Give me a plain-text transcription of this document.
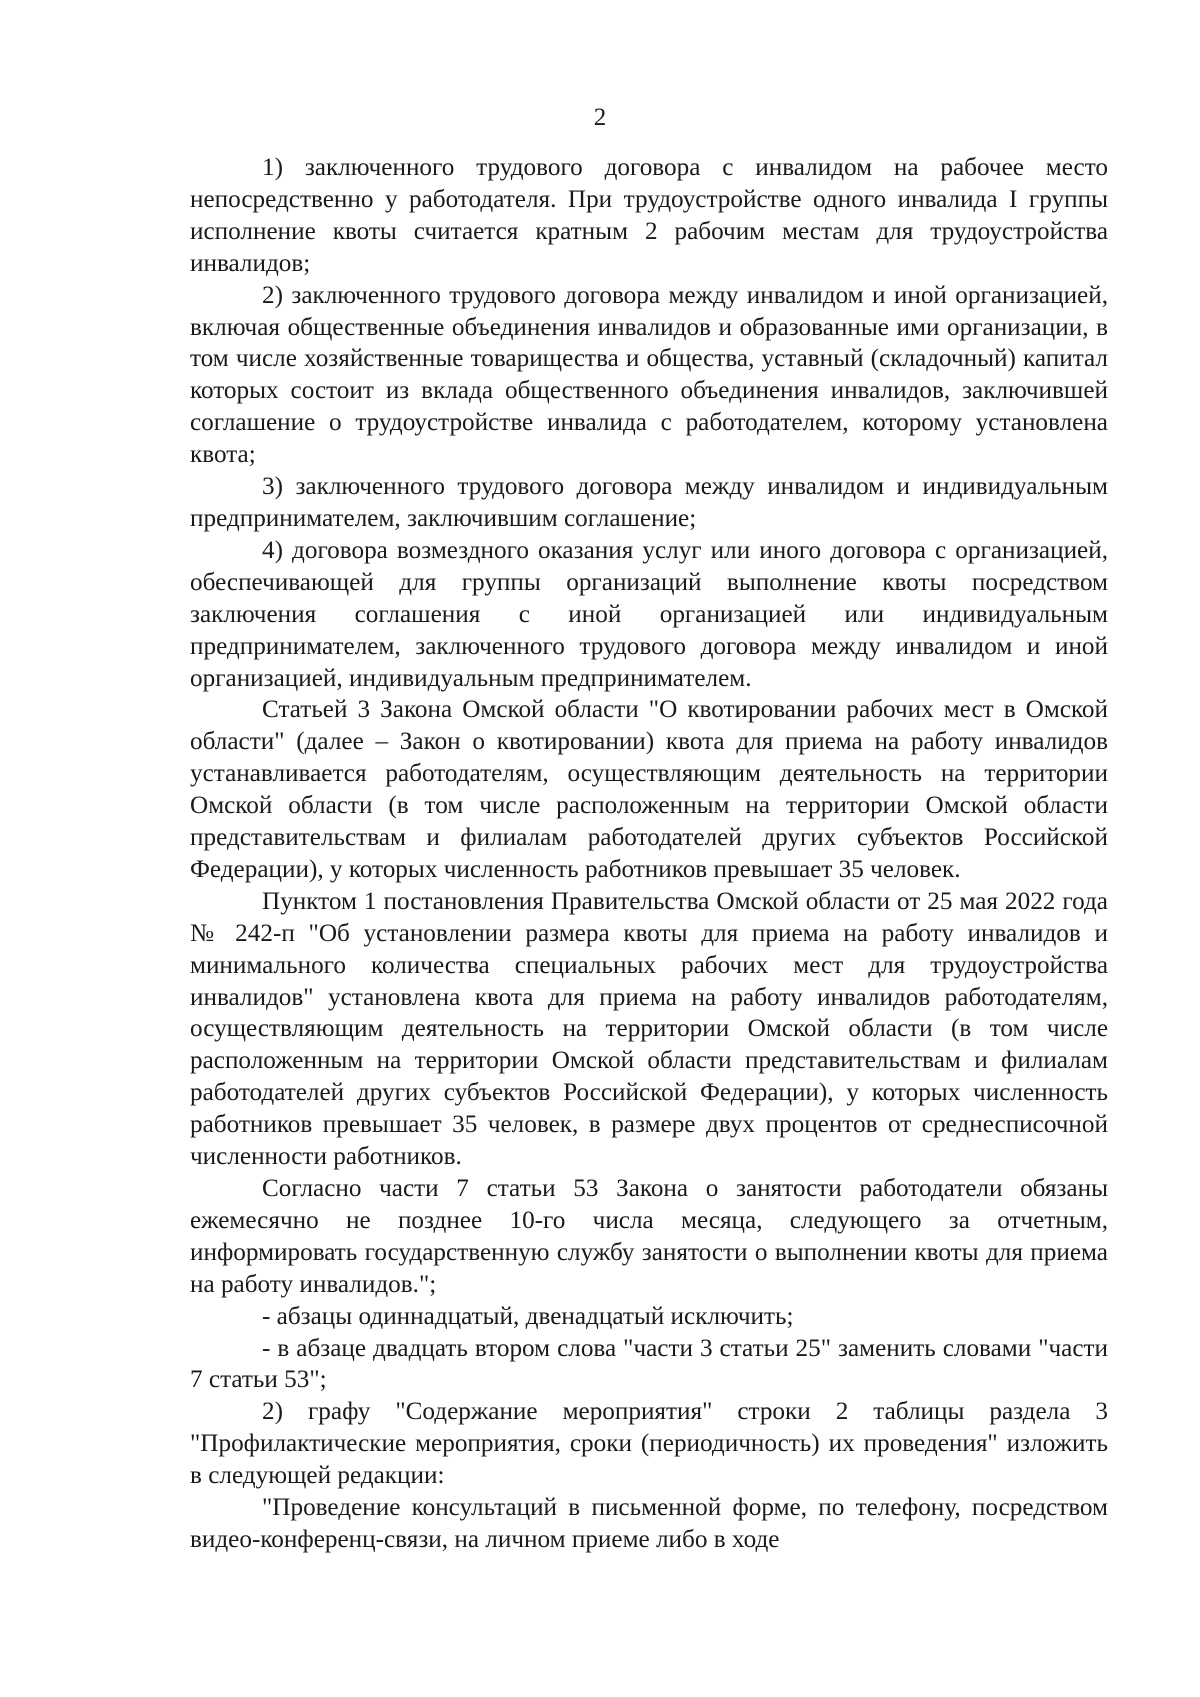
2

1) заключенного трудового договора с инвалидом на рабочее место непосредственно у работодателя. При трудоустройстве одного инвалида I группы исполнение квоты считается кратным 2 рабочим местам для трудоустройства инвалидов;

2) заключенного трудового договора между инвалидом и иной организацией, включая общественные объединения инвалидов и образованные ими организации, в том числе хозяйственные товарищества и общества, уставный (складочный) капитал которых состоит из вклада общественного объединения инвалидов, заключившей соглашение о трудоустройстве инвалида с работодателем, которому установлена квота;

3) заключенного трудового договора между инвалидом и индивидуальным предпринимателем, заключившим соглашение;

4) договора возмездного оказания услуг или иного договора с организацией, обеспечивающей для группы организаций выполнение квоты посредством заключения соглашения с иной организацией или индивидуальным предпринимателем, заключенного трудового договора между инвалидом и иной организацией, индивидуальным предпринимателем.

Статьей 3 Закона Омской области "О квотировании рабочих мест в Омской области" (далее – Закон о квотировании) квота для приема на работу инвалидов устанавливается работодателям, осуществляющим деятельность на территории Омской области (в том числе расположенным на территории Омской области представительствам и филиалам работодателей других субъектов Российской Федерации), у которых численность работников превышает 35 человек.

Пунктом 1 постановления Правительства Омской области от 25 мая 2022 года № 242-п "Об установлении размера квоты для приема на работу инвалидов и минимального количества специальных рабочих мест для трудоустройства инвалидов" установлена квота для приема на работу инвалидов работодателям, осуществляющим деятельность на территории Омской области (в том числе расположенным на территории Омской области представительствам и филиалам работодателей других субъектов Российской Федерации), у которых численность работников превышает 35 человек, в размере двух процентов от среднесписочной численности работников.

Согласно части 7 статьи 53 Закона о занятости работодатели обязаны ежемесячно не позднее 10-го числа месяца, следующего за отчетным, информировать государственную службу занятости о выполнении квоты для приема на работу инвалидов.";

- абзацы одиннадцатый, двенадцатый исключить;

- в абзаце двадцать втором слова "части 3 статьи 25" заменить словами "части 7 статьи 53";

2) графу "Содержание мероприятия" строки 2 таблицы раздела 3 "Профилактические мероприятия, сроки (периодичность) их проведения" изложить в следующей редакции:

"Проведение консультаций в письменной форме, по телефону, посредством видео-конференц-связи, на личном приеме либо в ходе
